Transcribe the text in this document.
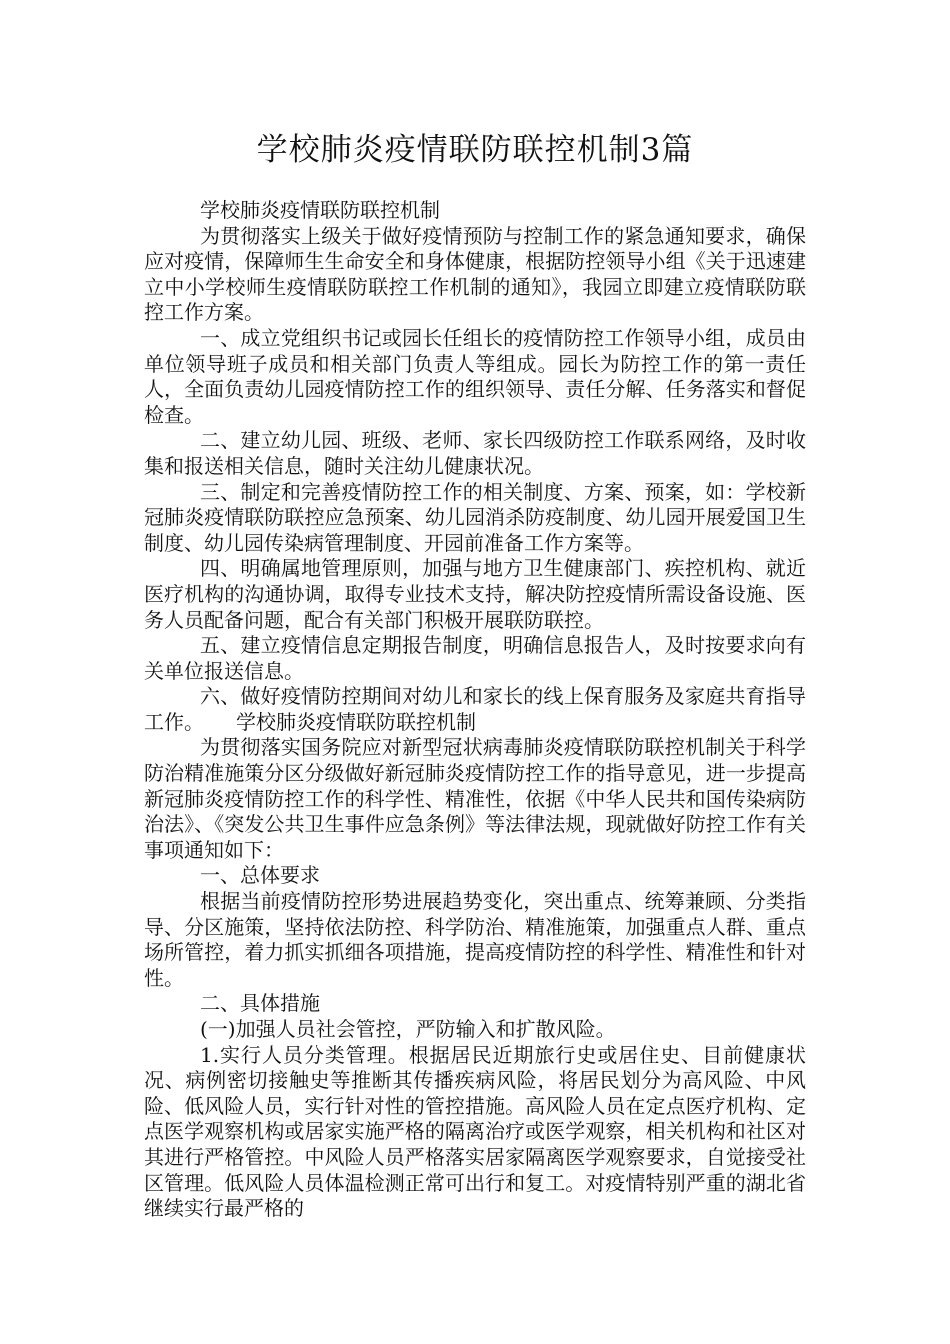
学校肺炎疫情联防联控机制3篇

学校肺炎疫情联防联控机制

为贯彻落实上级关于做好疫情预防与控制工作的紧急通知要求，确保应对疫情，保障师生生命安全和身体健康，根据防控领导小组《关于迅速建立中小学校师生疫情联防联控工作机制的通知》，我园立即建立疫情联防联控工作方案。

一、成立党组织书记或园长任组长的疫情防控工作领导小组，成员由单位领导班子成员和相关部门负责人等组成。园长为防控工作的第一责任人，全面负责幼儿园疫情防控工作的组织领导、责任分解、任务落实和督促检查。

二、建立幼儿园、班级、老师、家长四级防控工作联系网络，及时收集和报送相关信息，随时关注幼儿健康状况。

三、制定和完善疫情防控工作的相关制度、方案、预案，如：学校新冠肺炎疫情联防联控应急预案、幼儿园消杀防疫制度、幼儿园开展爱国卫生制度、幼儿园传染病管理制度、开园前准备工作方案等。

四、明确属地管理原则，加强与地方卫生健康部门、疾控机构、就近医疗机构的沟通协调，取得专业技术支持，解决防控疫情所需设备设施、医务人员配备问题，配合有关部门积极开展联防联控。

五、建立疫情信息定期报告制度，明确信息报告人，及时按要求向有关单位报送信息。

六、做好疫情防控期间对幼儿和家长的线上保育服务及家庭共育指导工作。 学校肺炎疫情联防联控机制

为贯彻落实国务院应对新型冠状病毒肺炎疫情联防联控机制关于科学防治精准施策分区分级做好新冠肺炎疫情防控工作的指导意见，进一步提高新冠肺炎疫情防控工作的科学性、精准性，依据《中华人民共和国传染病防治法》、《突发公共卫生事件应急条例》等法律法规，现就做好防控工作有关事项通知如下：

一、总体要求

根据当前疫情防控形势进展趋势变化，突出重点、统筹兼顾、分类指导、分区施策，坚持依法防控、科学防治、精准施策，加强重点人群、重点场所管控，着力抓实抓细各项措施，提高疫情防控的科学性、精准性和针对性。

二、具体措施

(一)加强人员社会管控，严防输入和扩散风险。

1.实行人员分类管理。根据居民近期旅行史或居住史、目前健康状况、病例密切接触史等推断其传播疾病风险，将居民划分为高风险、中风险、低风险人员，实行针对性的管控措施。高风险人员在定点医疗机构、定点医学观察机构或居家实施严格的隔离治疗或医学观察，相关机构和社区对其进行严格管控。中风险人员严格落实居家隔离医学观察要求，自觉接受社区管理。低风险人员体温检测正常可出行和复工。对疫情特别严重的湖北省继续实行最严格的
